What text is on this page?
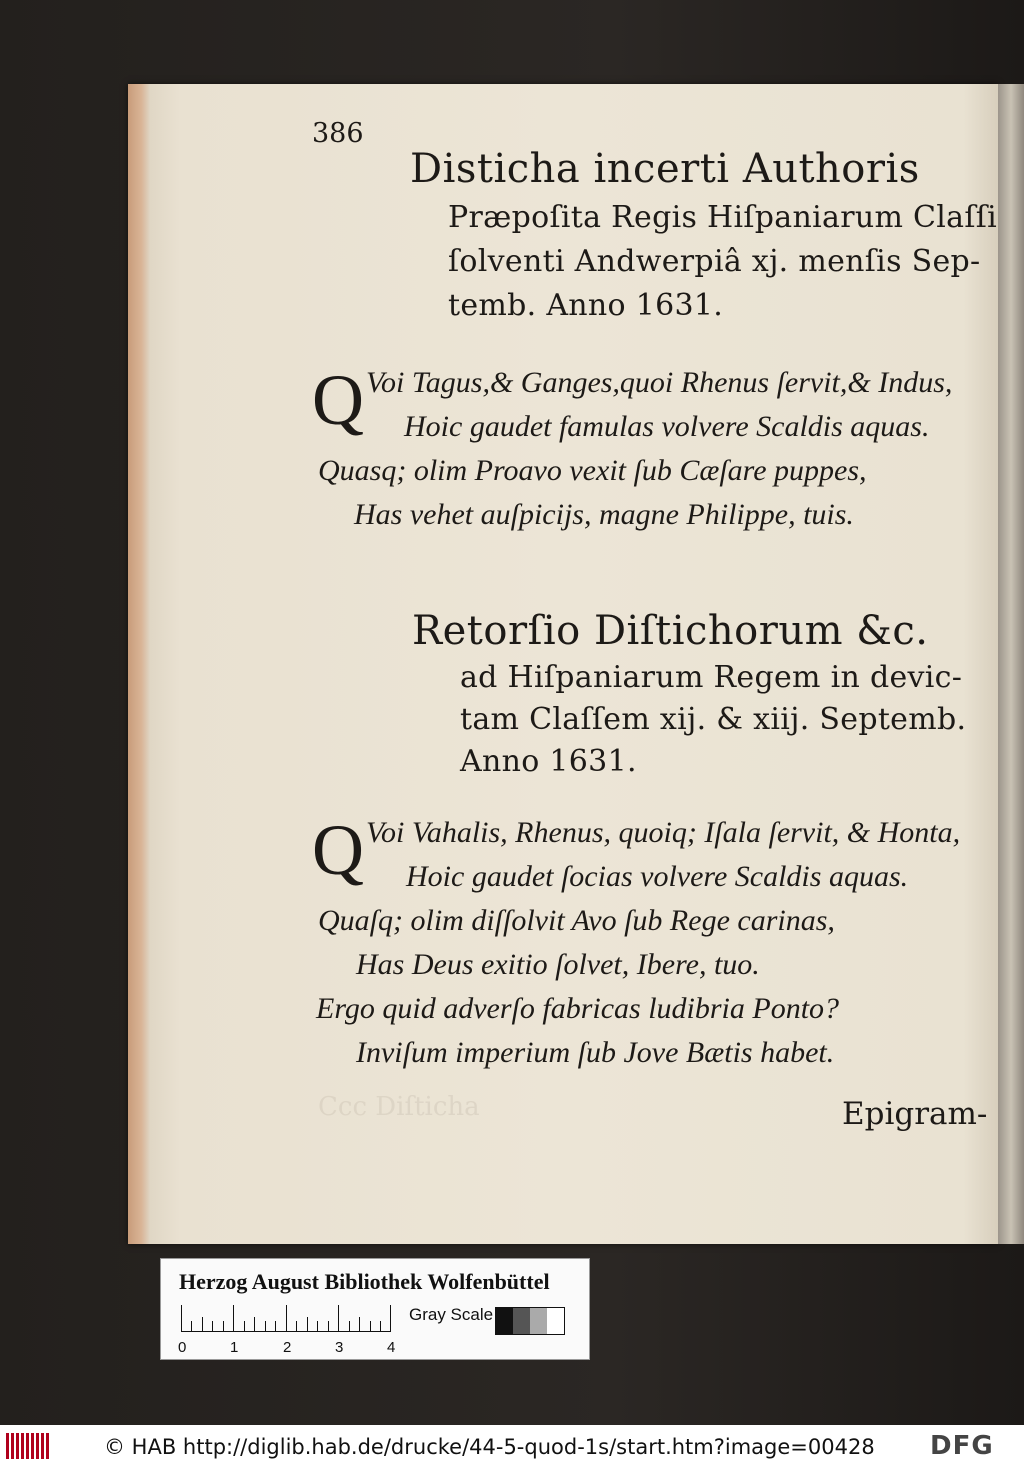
386
Disticha incerti Authoris
Præpoſita Regis Hiſpaniarum Claſſi
ſolventi Andwerpiâ xj. menſis Sep-
temb. Anno 1631.
Q Voi Tagus,& Ganges,quoi Rhenus ſervit,& Indus,
Hoic gaudet famulas volvere Scaldis aquas.
Quasq; olim Proavo vexit ſub Cæſare puppes,
Has vehet auſpicijs, magne Philippe, tuis.
Retorſio Diſtichorum &c.
ad Hiſpaniarum Regem in devic-
tam Claſſem xij. & xiij. Septemb.
Anno 1631.
Q Voi Vahalis, Rhenus, quoiq; Iſala ſervit, & Honta,
Hoic gaudet ſocias volvere Scaldis aquas.
Quaſq; olim diſſolvit Avo ſub Rege carinas,
Has Deus exitio ſolvet, Ibere, tuo.
Ergo quid adverſo fabricas ludibria Ponto?
Inviſum imperium ſub Jove Bætis habet.
Ccc Diſticha	Epigram-
Herzog August Bibliothek Wolfenbüttel
0	1	2	3	4
Gray Scale
© HAB http://diglib.hab.de/drucke/44-5-quod-1s/start.htm?image=00428 DFG
